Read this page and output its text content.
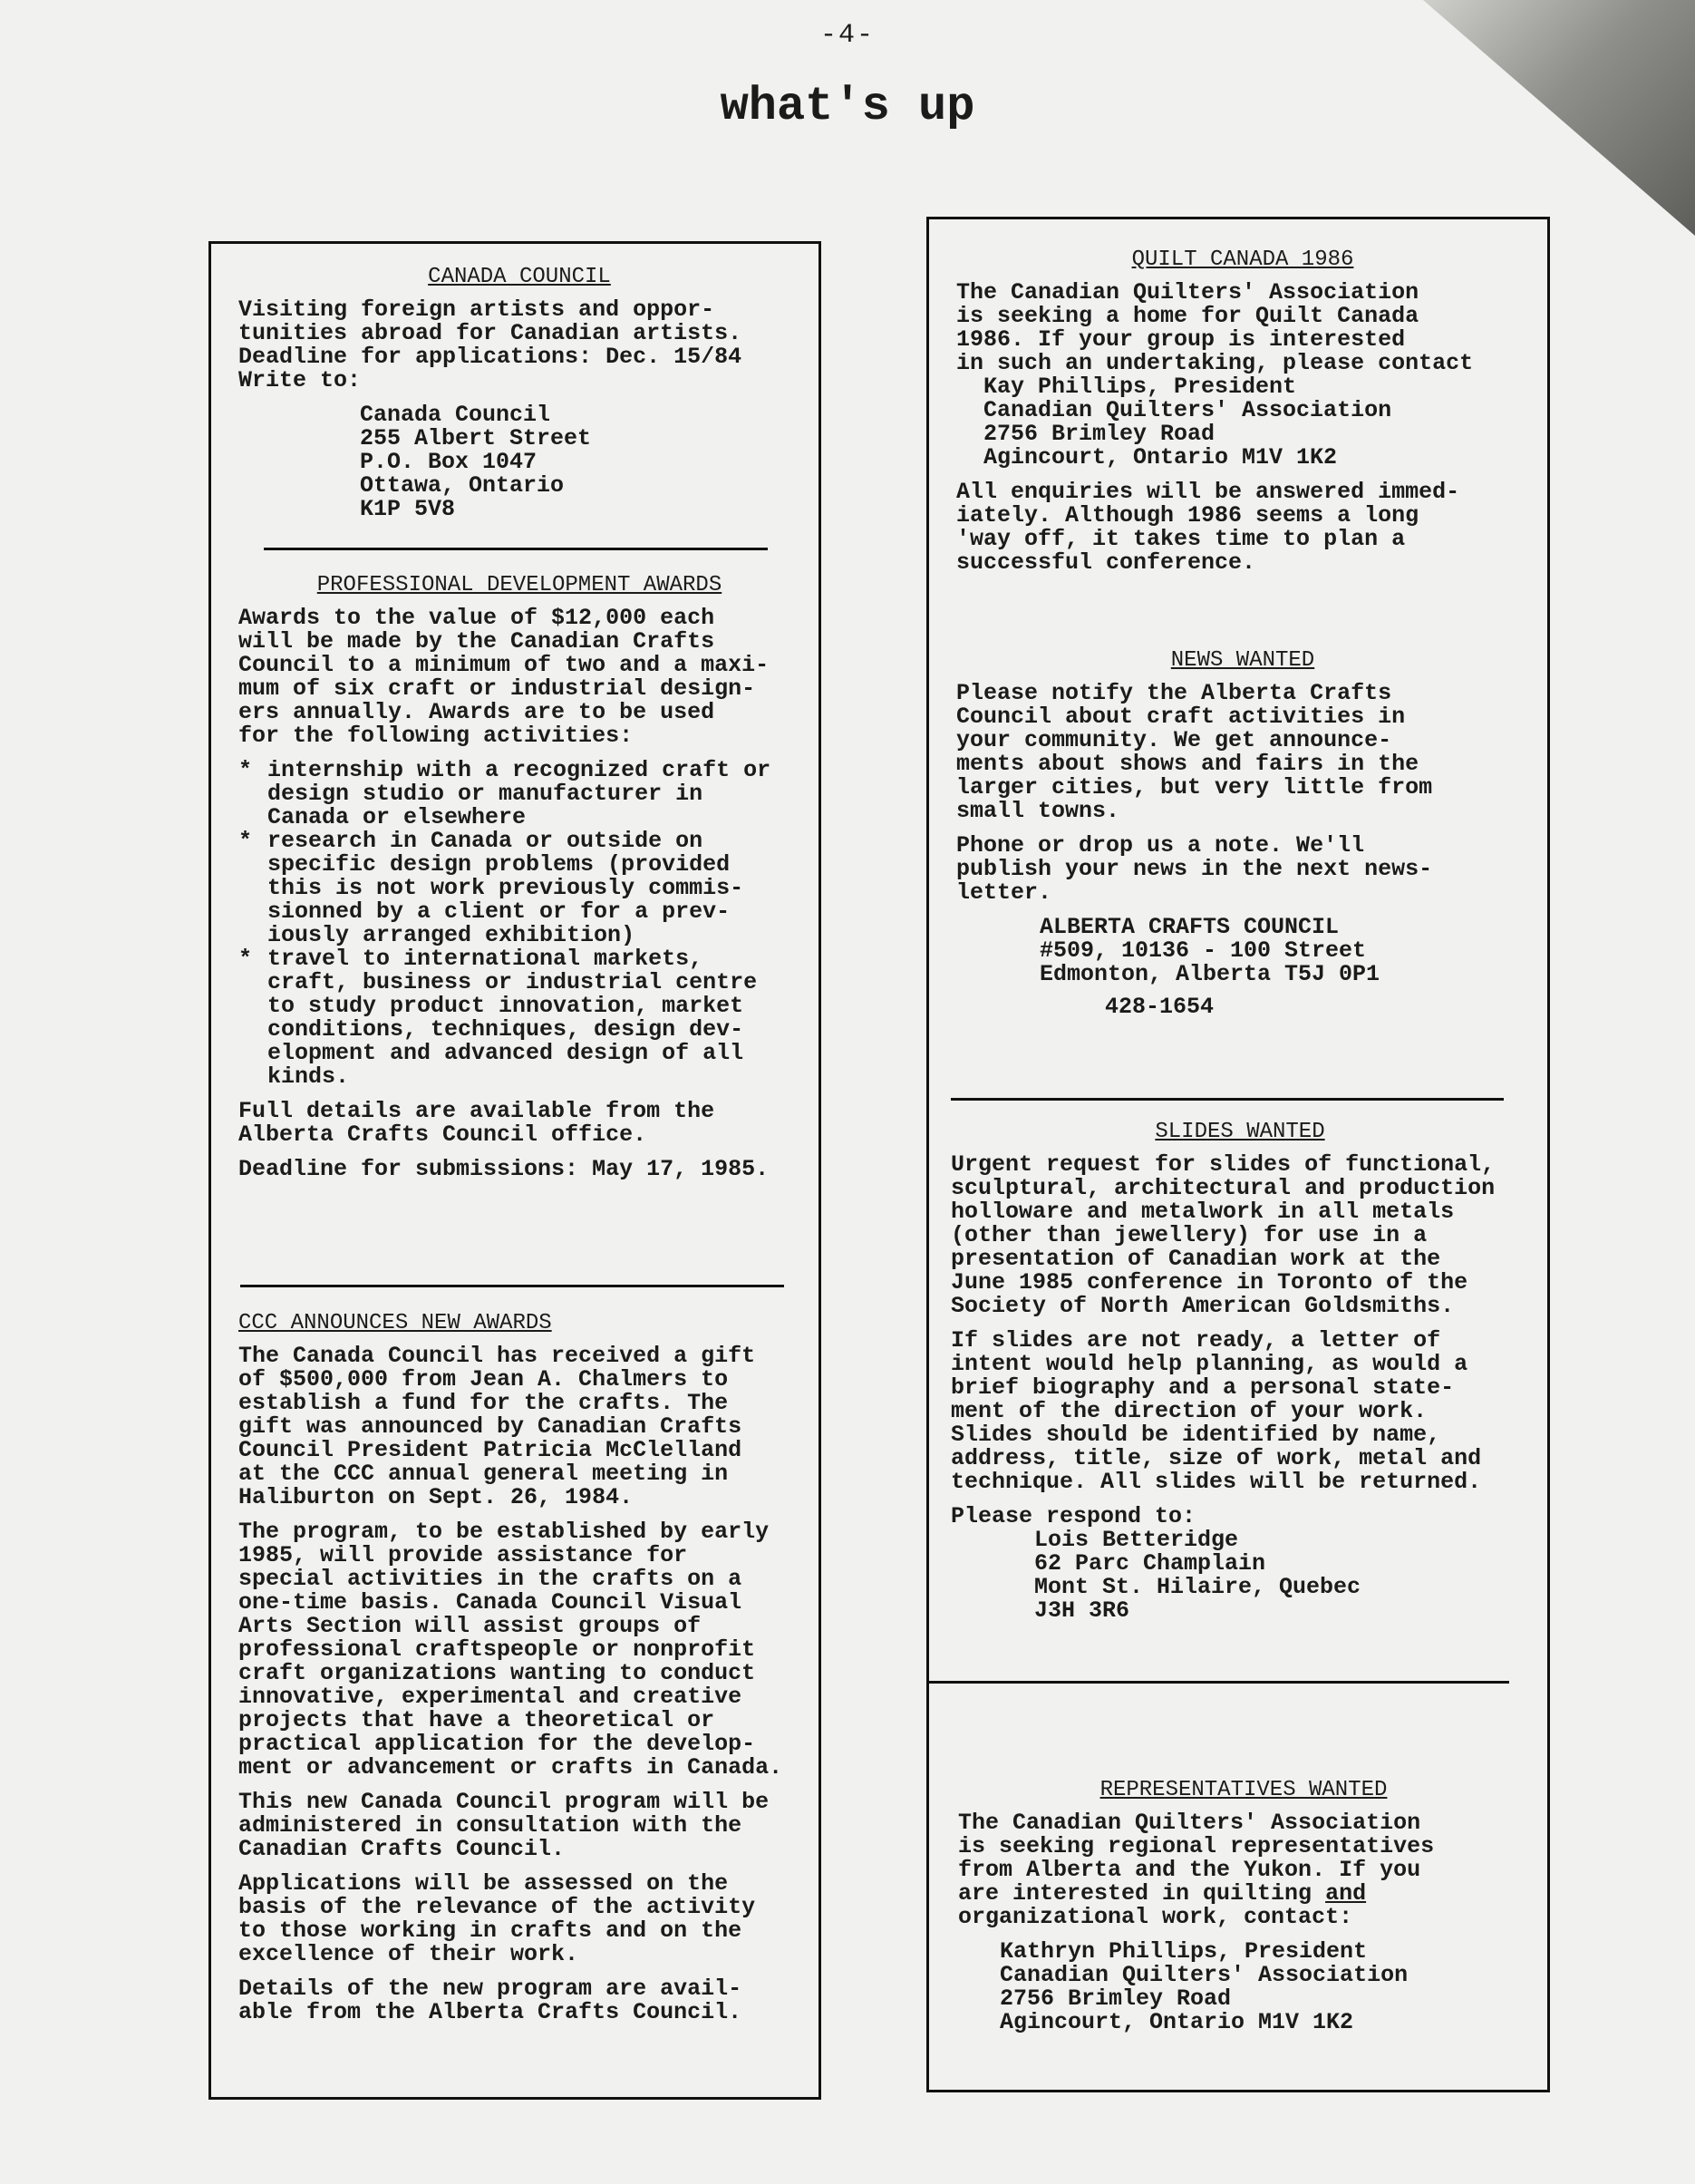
-4-
what's up
CANADA COUNCIL
Visiting foreign artists and oppor-
tunities abroad for Canadian artists.
Deadline for applications: Dec. 15/84
Write to:
Canada Council
255 Albert Street
P.O. Box 1047
Ottawa, Ontario
K1P 5V8
PROFESSIONAL DEVELOPMENT AWARDS
Awards to the value of $12,000 each
will be made by the Canadian Crafts
Council to a minimum of two and a maxi-
mum of six craft or industrial design-
ers annually. Awards are to be used
for the following activities:
* internship with a recognized craft or
design studio or manufacturer in
Canada or elsewhere
* research in Canada or outside on
specific design problems (provided
this is not work previously commis-
sionned by a client or for a prev-
iously arranged exhibition)
* travel to international markets,
craft, business or industrial centre
to study product innovation, market
conditions, techniques, design dev-
elopment and advanced design of all
kinds.
Full details are available from the
Alberta Crafts Council office.
Deadline for submissions: May 17, 1985.
CCC ANNOUNCES NEW AWARDS
The Canada Council has received a gift
of $500,000 from Jean A. Chalmers to
establish a fund for the crafts. The
gift was announced by Canadian Crafts
Council President Patricia McClelland
at the CCC annual general meeting in
Haliburton on Sept. 26, 1984.
The program, to be established by early
1985, will provide assistance for
special activities in the crafts on a
one-time basis. Canada Council Visual
Arts Section will assist groups of
professional craftspeople or nonprofit
craft organizations wanting to conduct
innovative, experimental and creative
projects that have a theoretical or
practical application for the develop-
ment or advancement or crafts in Canada.
This new Canada Council program will be
administered in consultation with the
Canadian Crafts Council.
Applications will be assessed on the
basis of the relevance of the activity
to those working in crafts and on the
excellence of their work.
Details of the new program are avail-
able from the Alberta Crafts Council.
QUILT CANADA 1986
The Canadian Quilters' Association
is seeking a home for Quilt Canada
1986. If your group is interested
in such an undertaking, please contact
Kay Phillips, President
Canadian Quilters' Association
2756 Brimley Road
Agincourt, Ontario M1V 1K2
All enquiries will be answered immed-
iately. Although 1986 seems a long
'way off, it takes time to plan a
successful conference.
NEWS WANTED
Please notify the Alberta Crafts
Council about craft activities in
your community. We get announce-
ments about shows and fairs in the
larger cities, but very little from
small towns.
Phone or drop us a note. We'll
publish your news in the next news-
letter.
ALBERTA CRAFTS COUNCIL
#509, 10136 - 100 Street
Edmonton, Alberta T5J 0P1
428-1654
SLIDES WANTED
Urgent request for slides of functional,
sculptural, architectural and production
holloware and metalwork in all metals
(other than jewellery) for use in a
presentation of Canadian work at the
June 1985 conference in Toronto of the
Society of North American Goldsmiths.
If slides are not ready, a letter of
intent would help planning, as would a
brief biography and a personal state-
ment of the direction of your work.
Slides should be identified by name,
address, title, size of work, metal and
technique. All slides will be returned.
Please respond to:
Lois Betteridge
62 Parc Champlain
Mont St. Hilaire, Quebec
J3H 3R6
REPRESENTATIVES WANTED
The Canadian Quilters' Association
is seeking regional representatives
from Alberta and the Yukon. If you
are interested in quilting and
organizational work, contact:
Kathryn Phillips, President
Canadian Quilters' Association
2756 Brimley Road
Agincourt, Ontario M1V 1K2
